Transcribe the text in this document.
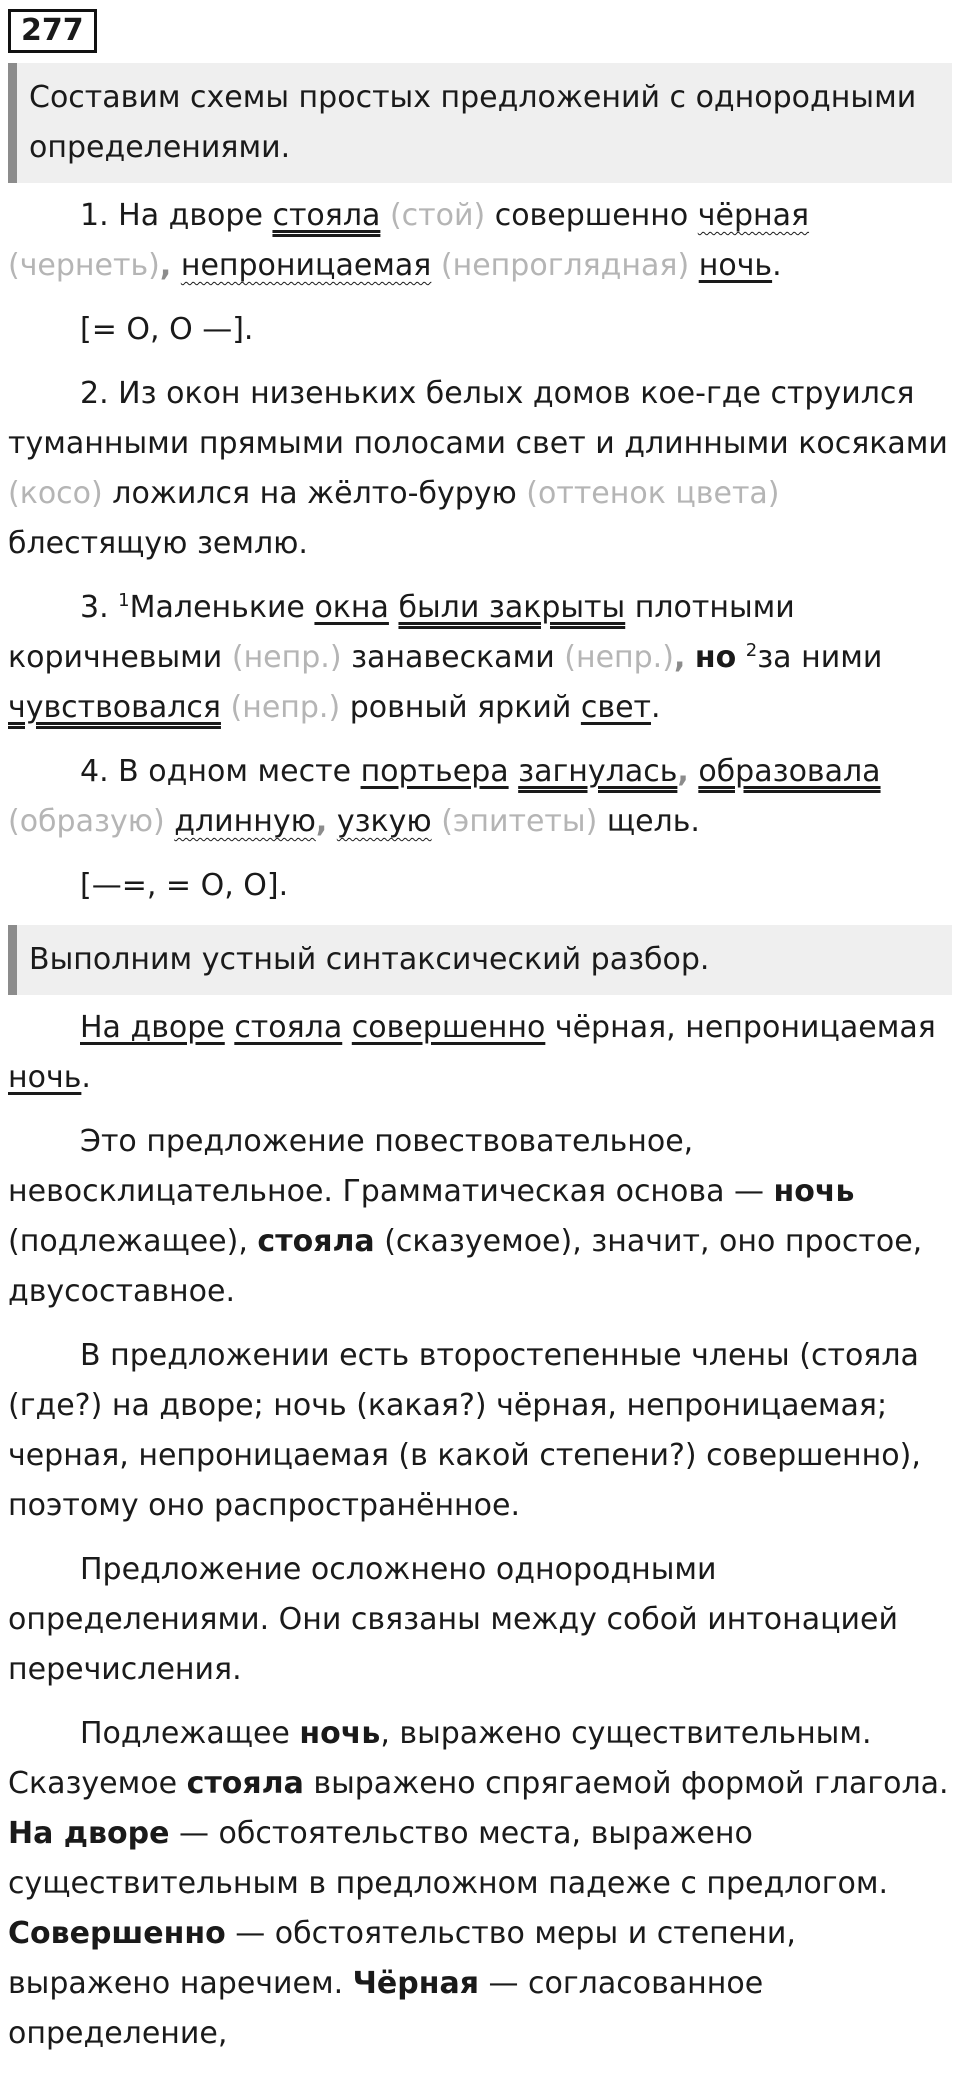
277
Составим схемы простых предложений с однородными определениями.

1. На дворе стояла (стой) совершенно чёрная (чернеть), непроницаемая (непроглядная) ночь.

[= О, О —].

2. Из окон низеньких белых домов кое-где струился туманными прямыми полосами свет и длинными косяками (косо) ложился на жёлто-бурую (оттенок цвета) блестящую землю.

3. $^1$Маленькие окна были закрыты плотными коричневыми (непр.) занавесками (непр.), но $^2$за ними чувствовался (непр.) ровный яркий свет.

4. В одном месте портьера загнулась, образовала (образую) длинную, узкую (эпитеты) щель.

[—=, = О, О].

Выполним устный синтаксический разбор.

На дворе стояла совершенно чёрная, непроницаемая ночь.

Это предложение повествовательное, невосклицательное. Грамматическая основа — ночь (подлежащее), стояла (сказуемое), значит, оно простое, двусоставное.

В предложении есть второстепенные члены (стояла (где?) на дворе; ночь (какая?) чёрная, непроницаемая; черная, непроницаемая (в какой степени?) совершенно), поэтому оно распространённое.

Предложение осложнено однородными определениями. Они связаны между собой интонацией перечисления.

Подлежащее ночь, выражено существительным. Сказуемое стояла выражено спрягаемой формой глагола. На дворе — обстоятельство места, выражено существительным в предложном падеже с предлогом. Совершенно — обстоятельство меры и степени, выражено наречием. Чёрная — согласованное определение,
